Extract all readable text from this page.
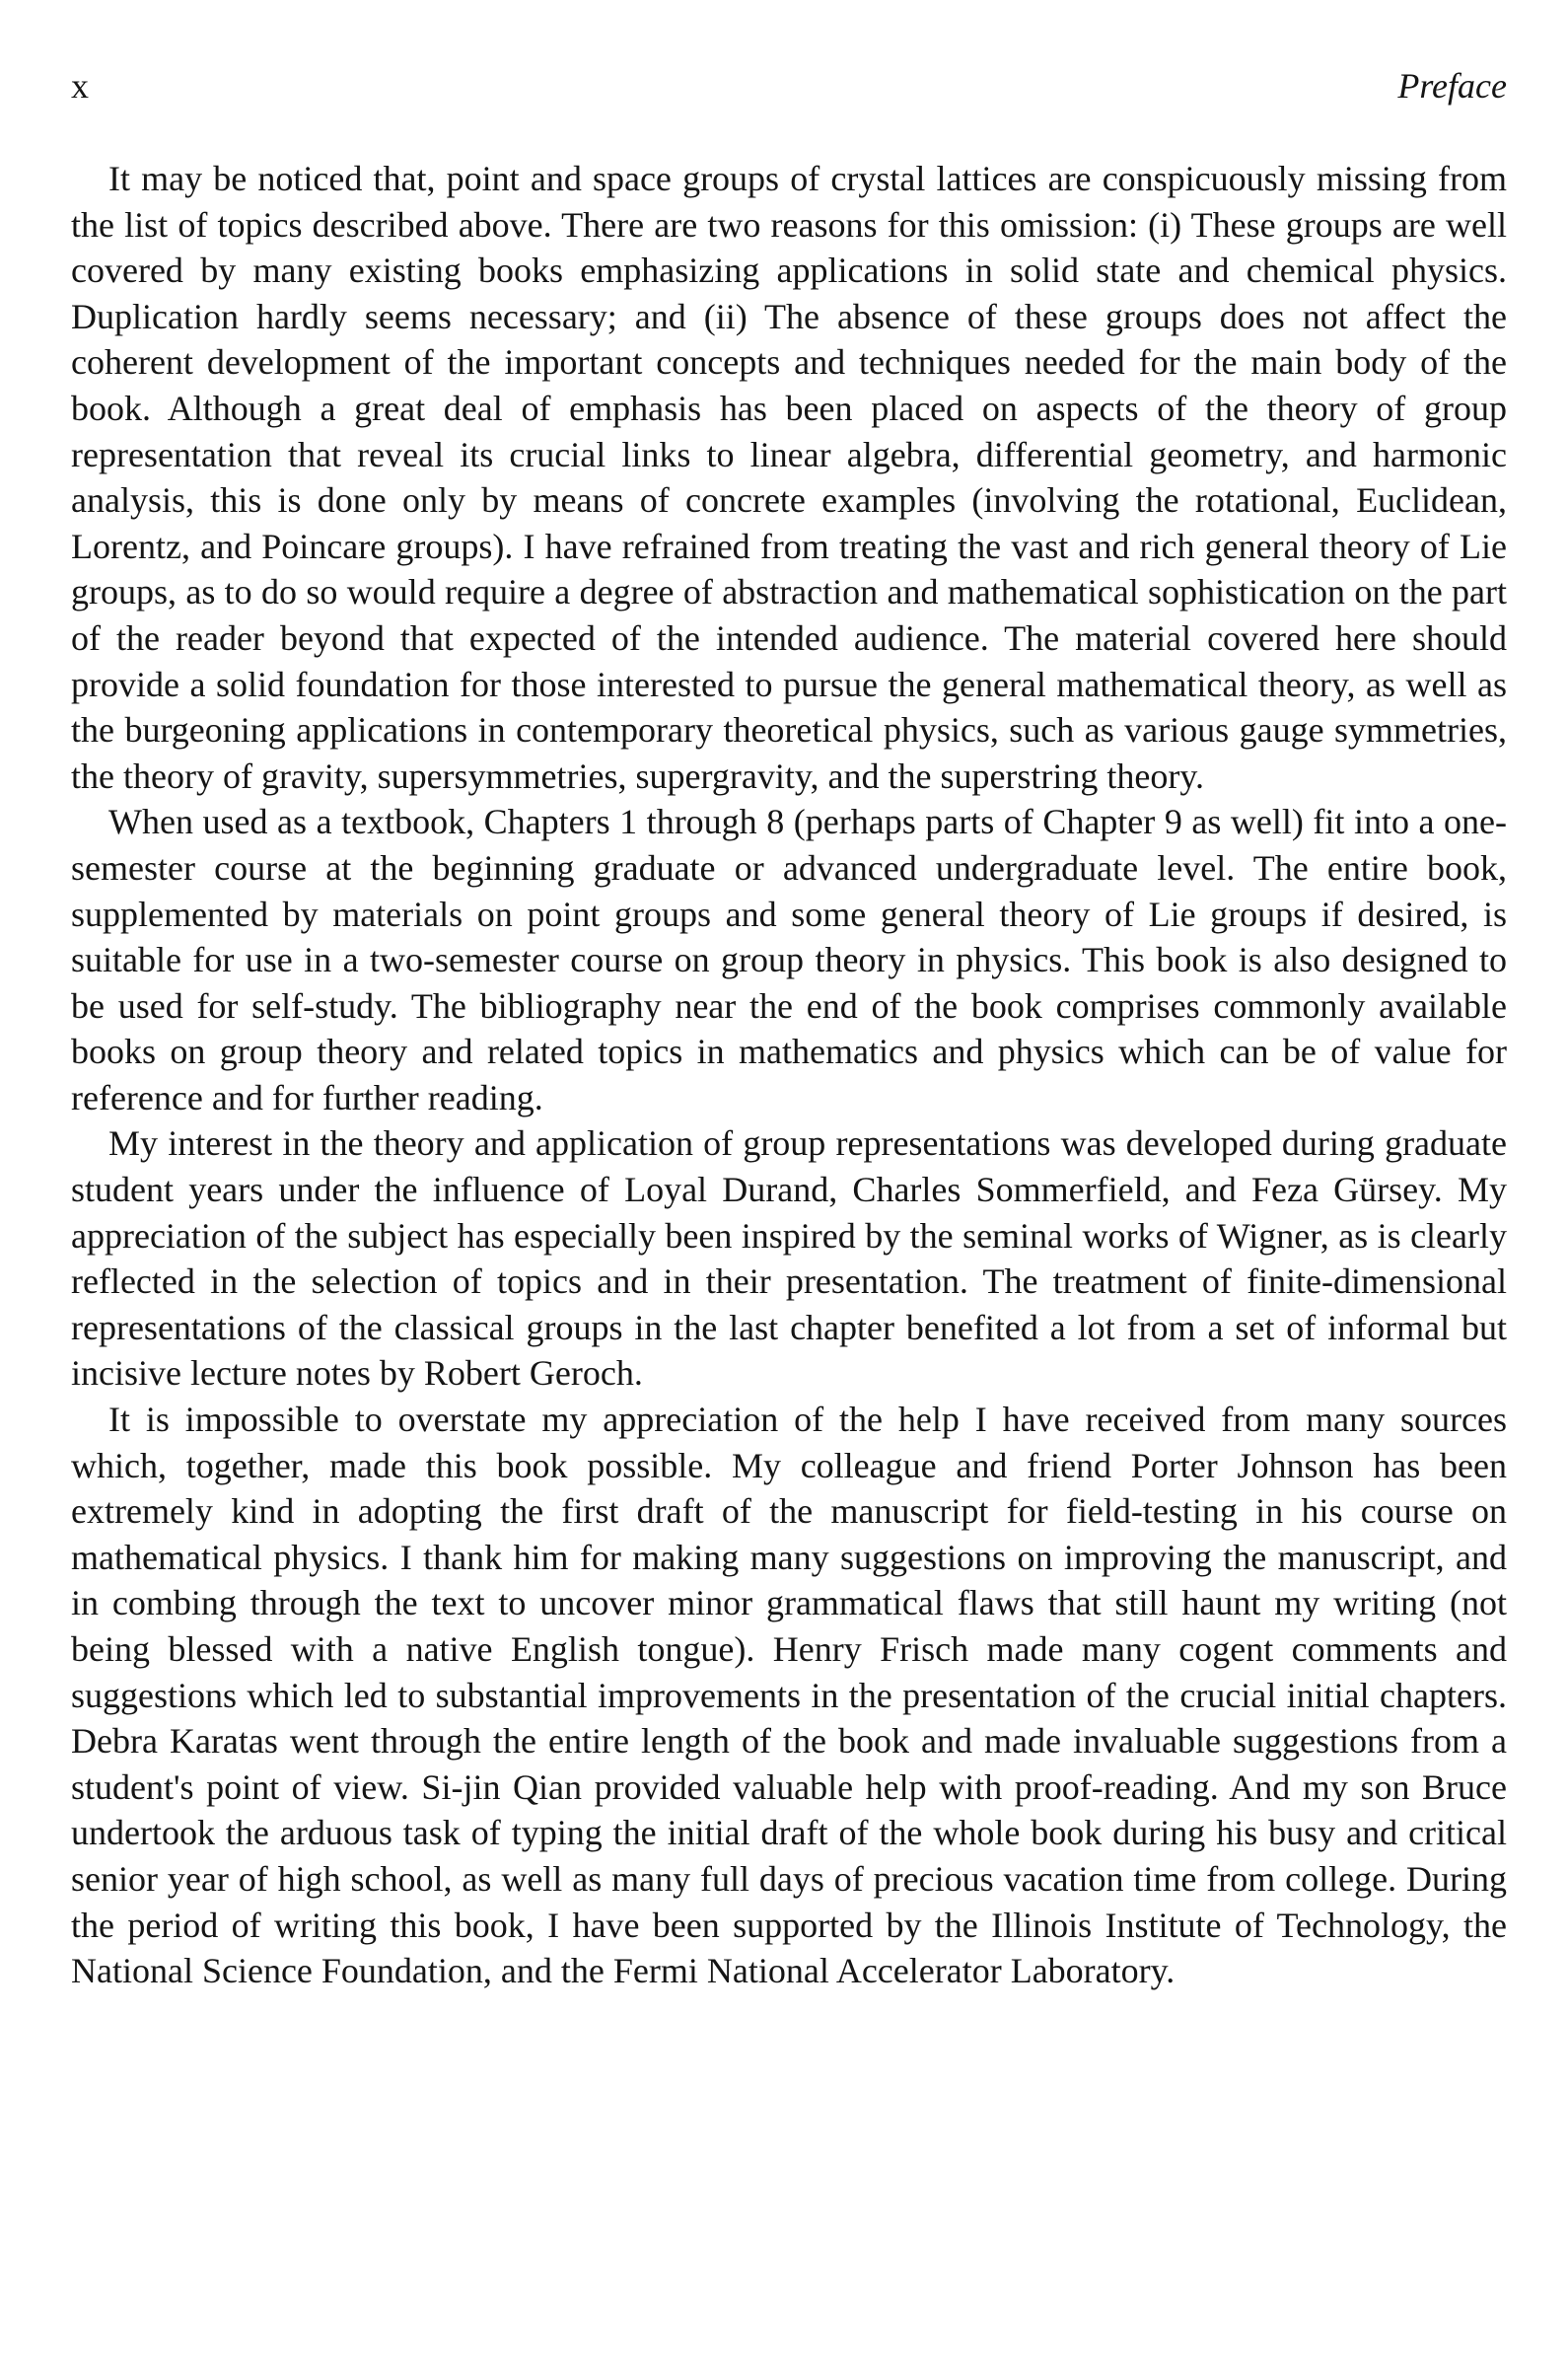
x	Preface

It may be noticed that, point and space groups of crystal lattices are conspicuously missing from the list of topics described above. There are two reasons for this omission: (i) These groups are well covered by many existing books emphasizing applications in solid state and chemical physics. Duplication hardly seems necessary; and (ii) The absence of these groups does not affect the coherent development of the important concepts and techniques needed for the main body of the book. Although a great deal of emphasis has been placed on aspects of the theory of group representation that reveal its crucial links to linear algebra, differential geometry, and harmonic analysis, this is done only by means of concrete examples (involving the rotational, Euclidean, Lorentz, and Poincare groups). I have refrained from treating the vast and rich general theory of Lie groups, as to do so would require a degree of abstraction and mathematical sophistication on the part of the reader beyond that expected of the intended audience. The material covered here should provide a solid foundation for those interested to pursue the general mathematical theory, as well as the burgeoning applications in contemporary theoretical physics, such as various gauge symmetries, the theory of gravity, supersymmetries, supergravity, and the superstring theory.

When used as a textbook, Chapters 1 through 8 (perhaps parts of Chapter 9 as well) fit into a one-semester course at the beginning graduate or advanced undergraduate level. The entire book, supplemented by materials on point groups and some general theory of Lie groups if desired, is suitable for use in a two-semester course on group theory in physics. This book is also designed to be used for self-study. The bibliography near the end of the book comprises commonly available books on group theory and related topics in mathematics and physics which can be of value for reference and for further reading.

My interest in the theory and application of group representations was developed during graduate student years under the influence of Loyal Durand, Charles Sommerfield, and Feza Gürsey. My appreciation of the subject has especially been inspired by the seminal works of Wigner, as is clearly reflected in the selection of topics and in their presentation. The treatment of finite-dimensional representations of the classical groups in the last chapter benefited a lot from a set of informal but incisive lecture notes by Robert Geroch.

It is impossible to overstate my appreciation of the help I have received from many sources which, together, made this book possible. My colleague and friend Porter Johnson has been extremely kind in adopting the first draft of the manuscript for field-testing in his course on mathematical physics. I thank him for making many suggestions on improving the manuscript, and in combing through the text to uncover minor grammatical flaws that still haunt my writing (not being blessed with a native English tongue). Henry Frisch made many cogent comments and suggestions which led to substantial improvements in the presentation of the crucial initial chapters. Debra Karatas went through the entire length of the book and made invaluable suggestions from a student's point of view. Si-jin Qian provided valuable help with proof-reading. And my son Bruce undertook the arduous task of typing the initial draft of the whole book during his busy and critical senior year of high school, as well as many full days of precious vacation time from college. During the period of writing this book, I have been supported by the Illinois Institute of Technology, the National Science Foundation, and the Fermi National Accelerator Laboratory.
